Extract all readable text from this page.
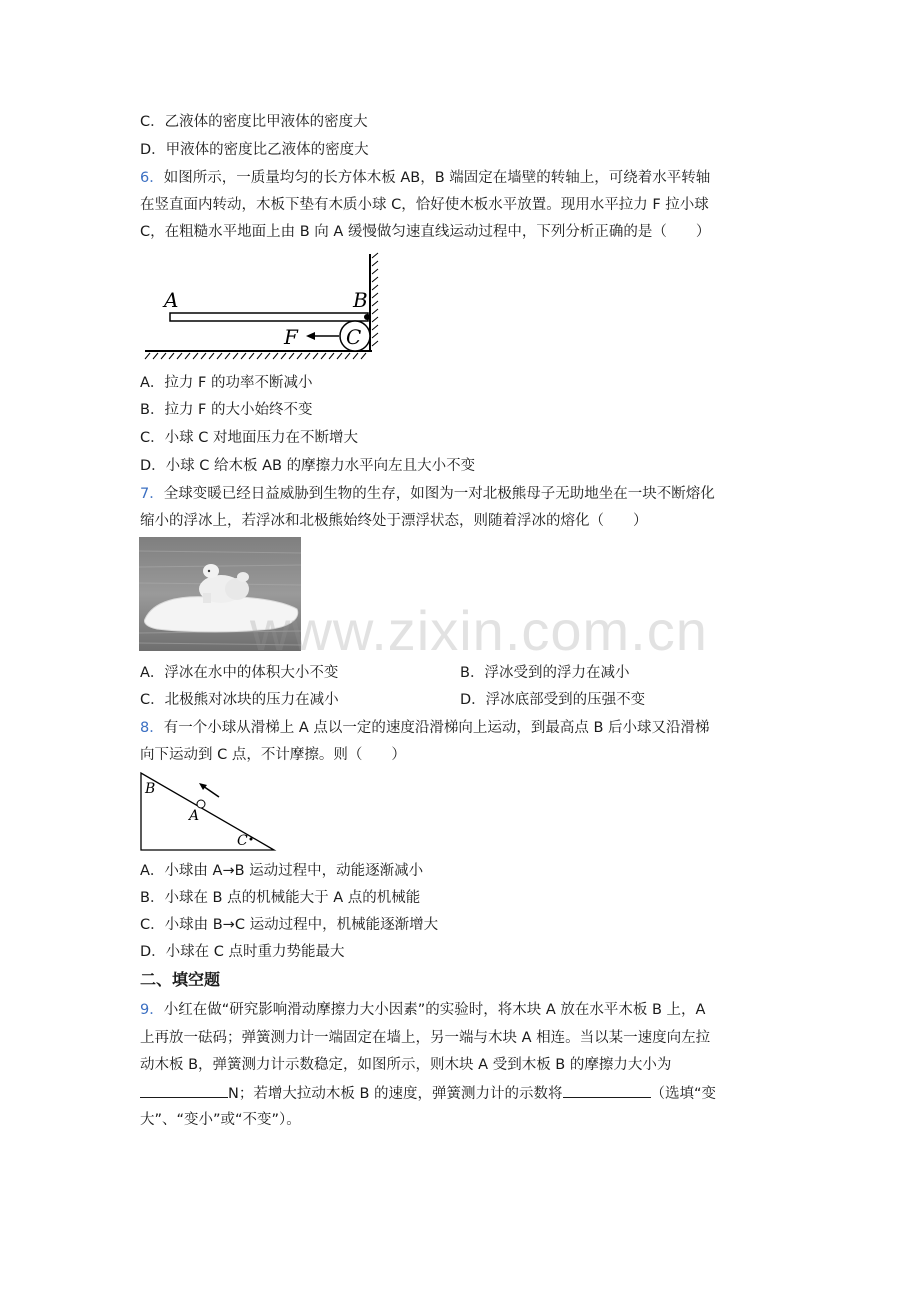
C．乙液体的密度比甲液体的密度大
D．甲液体的密度比乙液体的密度大
6．如图所示，一质量均匀的长方体木板 AB，B 端固定在墙壁的转轴上，可绕着水平转轴
在竖直面内转动，木板下垫有木质小球 C，恰好使木板水平放置。现用水平拉力 F 拉小球
C，在粗糙水平地面上由 B 向 A 缓慢做匀速直线运动过程中，下列分析正确的是（　　）
A	B
C
F
A．拉力 F 的功率不断减小
B．拉力 F 的大小始终不变
C．小球 C 对地面压力在不断增大
D．小球 C 给木板 AB 的摩擦力水平向左且大小不变
7．全球变暖已经日益威胁到生物的生存，如图为一对北极熊母子无助地坐在一块不断熔化
缩小的浮冰上，若浮冰和北极熊始终处于漂浮状态，则随着浮冰的熔化（　　）
www.zixin.com.cn
A．浮冰在水中的体积大小不变	B．浮冰受到的浮力在减小
C．北极熊对冰块的压力在减小	D．浮冰底部受到的压强不变
8．有一个小球从滑梯上 A 点以一定的速度沿滑梯向上运动，到最高点 B 后小球又沿滑梯
向下运动到 C 点，不计摩擦。则（　　）
B
A
C
A．小球由 A→B 运动过程中，动能逐渐减小
B．小球在 B 点的机械能大于 A 点的机械能
C．小球由 B→C 运动过程中，机械能逐渐增大
D．小球在 C 点时重力势能最大
二、填空题
9．小红在做“研究影响滑动摩擦力大小因素”的实验时，将木块 A 放在水平木板 B 上，A
上再放一砝码；弹簧测力计一端固定在墙上，另一端与木块 A 相连。当以某一速度向左拉
动木板 B，弹簧测力计示数稳定，如图所示，则木块 A 受到木板 B 的摩擦力大小为
N；若增大拉动木板 B 的速度，弹簧测力计的示数将	（选填“变
大”、“变小”或“不变”）。
